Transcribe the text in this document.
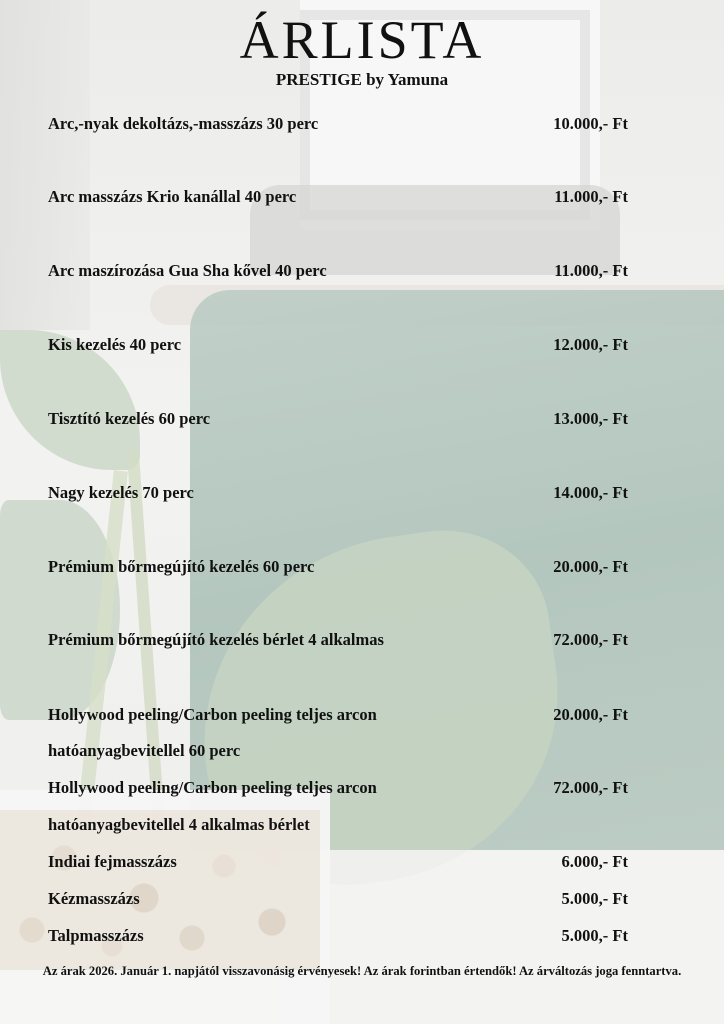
ÁRLISTA
PRESTIGE by Yamuna
Arc,-nyak dekoltázs,-masszázs 30 perc	10.000,- Ft
Arc masszázs Krio kanállal 40 perc	11.000,- Ft
Arc maszírozása Gua Sha kővel 40 perc	11.000,- Ft
Kis kezelés 40 perc	12.000,- Ft
Tisztító kezelés 60 perc	13.000,- Ft
Nagy kezelés 70 perc	14.000,- Ft
Prémium bőrmegújító kezelés 60 perc	20.000,- Ft
Prémium bőrmegújító kezelés bérlet 4 alkalmas	72.000,- Ft
Hollywood peeling/Carbon peeling teljes arcon	20.000,- Ft
hatóanyagbevitellel 60 perc
Hollywood peeling/Carbon peeling teljes arcon	72.000,- Ft
hatóanyagbevitellel 4 alkalmas bérlet
Indiai fejmasszázs	6.000,- Ft
Kézmasszázs	5.000,- Ft
Talpmasszázs	5.000,- Ft
Az árak 2026. Január 1. napjától visszavonásig érvényesek! Az árak forintban értendők! Az árváltozás joga fenntartva.
